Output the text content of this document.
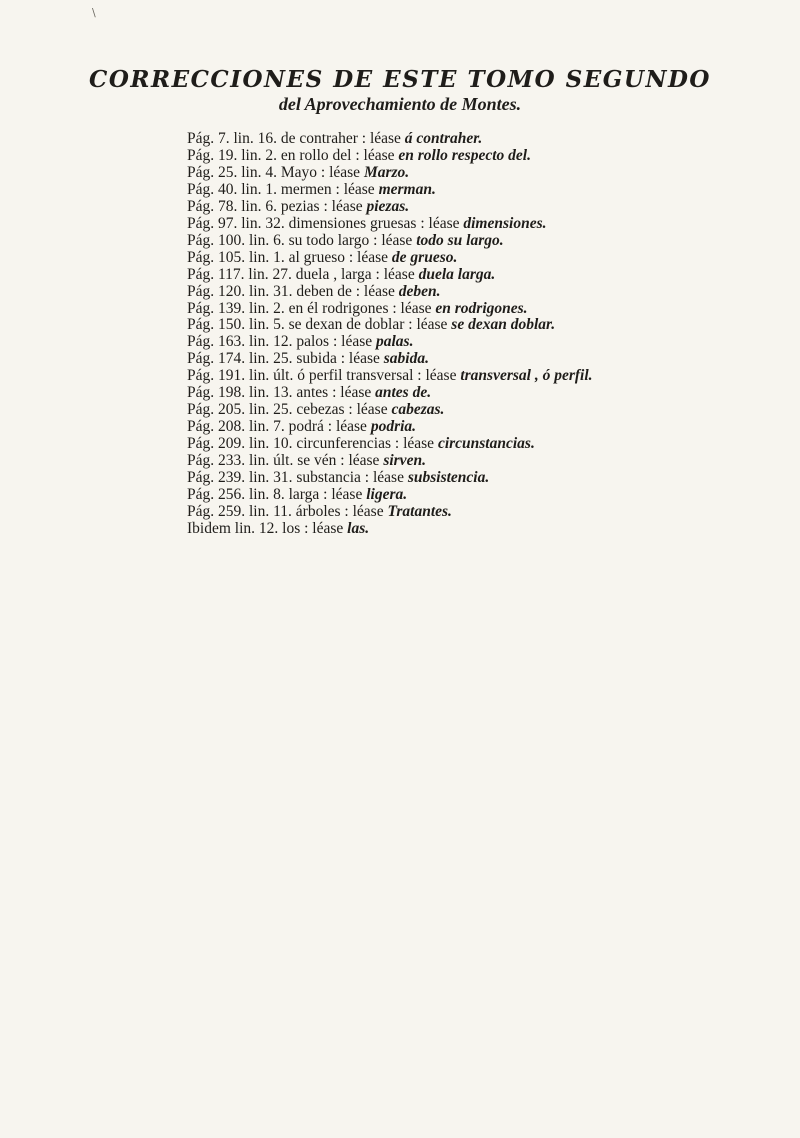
\
CORRECCIONES DE ESTE TOMO SEGUNDO
del Aprovechamiento de Montes.
Pág. 7. lin. 16. de contraher : léase á contraher.
Pág. 19. lin. 2. en rollo del : léase en rollo respecto del.
Pág. 25. lin. 4. Mayo : léase Marzo.
Pág. 40. lin. 1. mermen : léase merman.
Pág. 78. lin. 6. pezias : léase piezas.
Pág. 97. lin. 32. dimensiones gruesas : léase dimensiones.
Pág. 100. lin. 6. su todo largo : léase todo su largo.
Pág. 105. lin. 1. al grueso : léase de grueso.
Pág. 117. lin. 27. duela , larga : léase duela larga.
Pág. 120. lin. 31. deben de : léase deben.
Pág. 139. lin. 2. en él rodrigones : léase en rodrigones.
Pág. 150. lin. 5. se dexan de doblar : léase se dexan doblar.
Pág. 163. lin. 12. palos : léase palas.
Pág. 174. lin. 25. subida : léase sabida.
Pág. 191. lin. últ. ó perfil transversal : léase transversal , ó perfil.
Pág. 198. lin. 13. antes : léase antes de.
Pág. 205. lin. 25. cebezas : léase cabezas.
Pág. 208. lin. 7. podrá : léase podria.
Pág. 209. lin. 10. circunferencias : léase circunstancias.
Pág. 233. lin. últ. se vén : léase sirven.
Pág. 239. lin. 31. substancia : léase subsistencia.
Pág. 256. lin. 8. larga : léase ligera.
Pág. 259. lin. 11. árboles : léase Tratantes.
Ibidem lin. 12. los : léase las.
